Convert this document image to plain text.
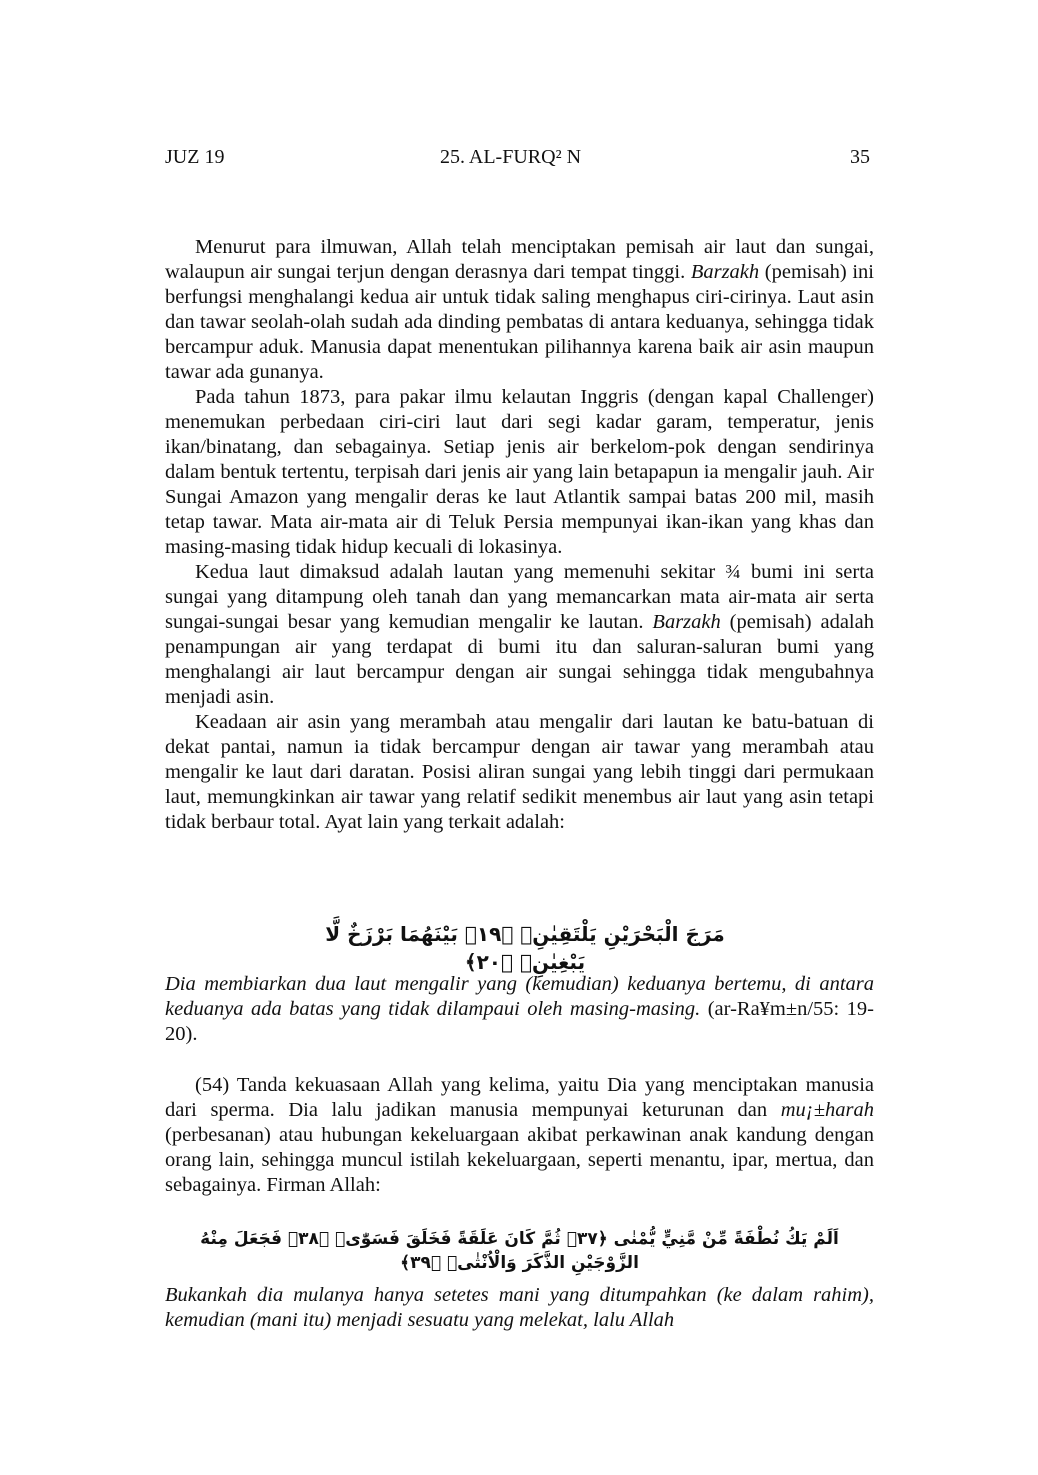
JUZ 19	25. AL-FURQ² N	35

Menurut para ilmuwan, Allah telah menciptakan pemisah air laut dan sungai, walaupun air sungai terjun dengan derasnya dari tempat tinggi. Barzakh (pemisah) ini berfungsi menghalangi kedua air untuk tidak saling menghapus ciri-cirinya. Laut asin dan tawar seolah-olah sudah ada dinding pembatas di antara keduanya, sehingga tidak bercampur aduk. Manusia dapat menentukan pilihannya karena baik air asin maupun tawar ada gunanya.

Pada tahun 1873, para pakar ilmu kelautan Inggris (dengan kapal Challenger) menemukan perbedaan ciri-ciri laut dari segi kadar garam, temperatur, jenis ikan/binatang, dan sebagainya. Setiap jenis air berkelom-pok dengan sendirinya dalam bentuk tertentu, terpisah dari jenis air yang lain betapapun ia mengalir jauh. Air Sungai Amazon yang mengalir deras ke laut Atlantik sampai batas 200 mil, masih tetap tawar. Mata air-mata air di Teluk Persia mempunyai ikan-ikan yang khas dan masing-masing tidak hidup kecuali di lokasinya.

Kedua laut dimaksud adalah lautan yang memenuhi sekitar ¾ bumi ini serta sungai yang ditampung oleh tanah dan yang memancarkan mata air-mata air serta sungai-sungai besar yang kemudian mengalir ke lautan. Barzakh (pemisah) adalah penampungan air yang terdapat di bumi itu dan saluran-saluran bumi yang menghalangi air laut bercampur dengan air sungai sehingga tidak mengubahnya menjadi asin.

Keadaan air asin yang merambah atau mengalir dari lautan ke batu-batuan di dekat pantai, namun ia tidak bercampur dengan air tawar yang merambah atau mengalir ke laut dari daratan. Posisi aliran sungai yang lebih tinggi dari permukaan laut, memungkinkan air tawar yang relatif sedikit menembus air laut yang asin tetapi tidak berbaur total. Ayat lain yang terkait adalah:

مَرَجَ الْبَحْرَيْنِ يَلْتَقِيٰنِۙ ﴿١٩﴾ بَيْنَهُمَا بَرْزَخٌ لَّا يَبْغِيٰنِۚ ﴿٢٠﴾
Dia membiarkan dua laut mengalir yang (kemudian) keduanya bertemu, di antara keduanya ada batas yang tidak dilampaui oleh masing-masing. (ar-Ra¥m±n/55: 19-20).

(54) Tanda kekuasaan Allah yang kelima, yaitu Dia yang menciptakan manusia dari sperma. Dia lalu jadikan manusia mempunyai keturunan dan mu¡±harah (perbesanan) atau hubungan kekeluargaan akibat perkawinan anak kandung dengan orang lain, sehingga muncul istilah kekeluargaan, seperti menantu, ipar, mertua, dan sebagainya. Firman Allah:

اَلَمْ يَكُ نُطْفَةً مِّنْ مَّنِيٍّ يُّمْنٰى ﴿٣٧﴾ ثُمَّ كَانَ عَلَقَةً فَخَلَقَ فَسَوّٰىۙ ﴿٣٨﴾ فَجَعَلَ مِنْهُ الزَّوْجَيْنِ الذَّكَرَ وَالْاُنْثٰىۗ ﴿٣٩﴾
Bukankah dia mulanya hanya setetes mani yang ditumpahkan (ke dalam rahim), kemudian (mani itu) menjadi sesuatu yang melekat, lalu Allah
